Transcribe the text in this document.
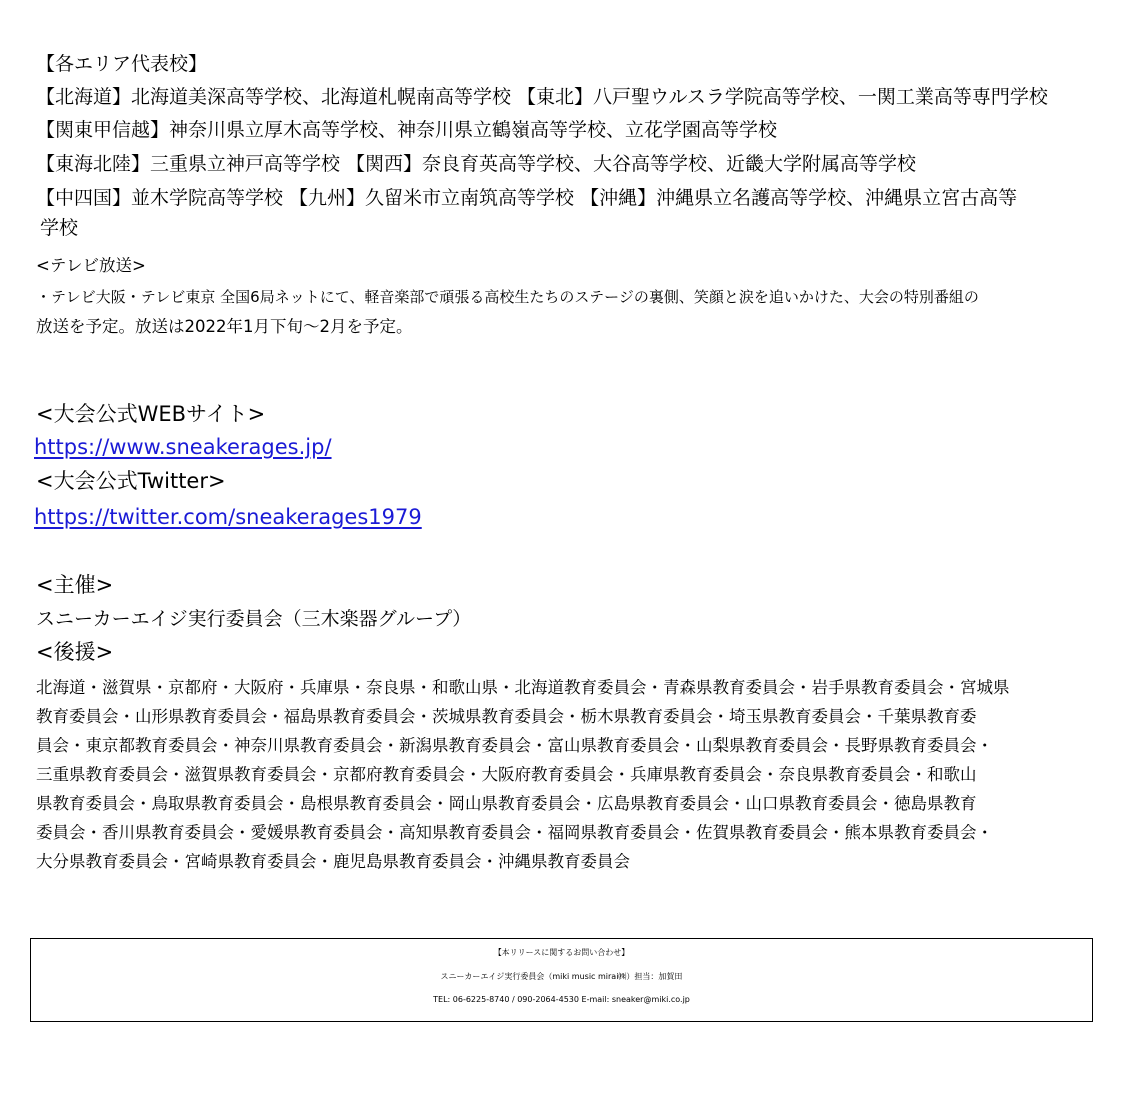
【各エリア代表校】
【北海道】北海道美深高等学校、北海道札幌南高等学校 【東北】八戸聖ウルスラ学院高等学校、一関工業高等専門学校
【関東甲信越】神奈川県立厚木高等学校、神奈川県立鶴嶺高等学校、立花学園高等学校
【東海北陸】三重県立神戸高等学校 【関西】奈良育英高等学校、大谷高等学校、近畿大学附属高等学校
【中四国】並木学院高等学校 【九州】久留米市立南筑高等学校 【沖縄】沖縄県立名護高等学校、沖縄県立宮古高等
学校
<テレビ放送>
・テレビ大阪・テレビ東京 全国6局ネットにて、軽音楽部で頑張る高校生たちのステージの裏側、笑顔と涙を追いかけた、大会の特別番組の
放送を予定。放送は2022年1月下旬～2月を予定。
<大会公式WEBサイト>
https://www.sneakerages.jp/
<大会公式Twitter>
https://twitter.com/sneakerages1979
<主催>
スニーカーエイジ実行委員会（三木楽器グループ）
<後援>
北海道・滋賀県・京都府・大阪府・兵庫県・奈良県・和歌山県・北海道教育委員会・青森県教育委員会・岩手県教育委員会・宮城県
教育委員会・山形県教育委員会・福島県教育委員会・茨城県教育委員会・栃木県教育委員会・埼玉県教育委員会・千葉県教育委
員会・東京都教育委員会・神奈川県教育委員会・新潟県教育委員会・富山県教育委員会・山梨県教育委員会・長野県教育委員会・
三重県教育委員会・滋賀県教育委員会・京都府教育委員会・大阪府教育委員会・兵庫県教育委員会・奈良県教育委員会・和歌山
県教育委員会・鳥取県教育委員会・島根県教育委員会・岡山県教育委員会・広島県教育委員会・山口県教育委員会・徳島県教育
委員会・香川県教育委員会・愛媛県教育委員会・高知県教育委員会・福岡県教育委員会・佐賀県教育委員会・熊本県教育委員会・
大分県教育委員会・宮崎県教育委員会・鹿児島県教育委員会・沖縄県教育委員会
【本リリースに関するお問い合わせ】
スニーカーエイジ実行委員会（miki music mirai㈱）担当：加賀田
TEL: 06-6225-8740 / 090-2064-4530 E-mail: sneaker@miki.co.jp
